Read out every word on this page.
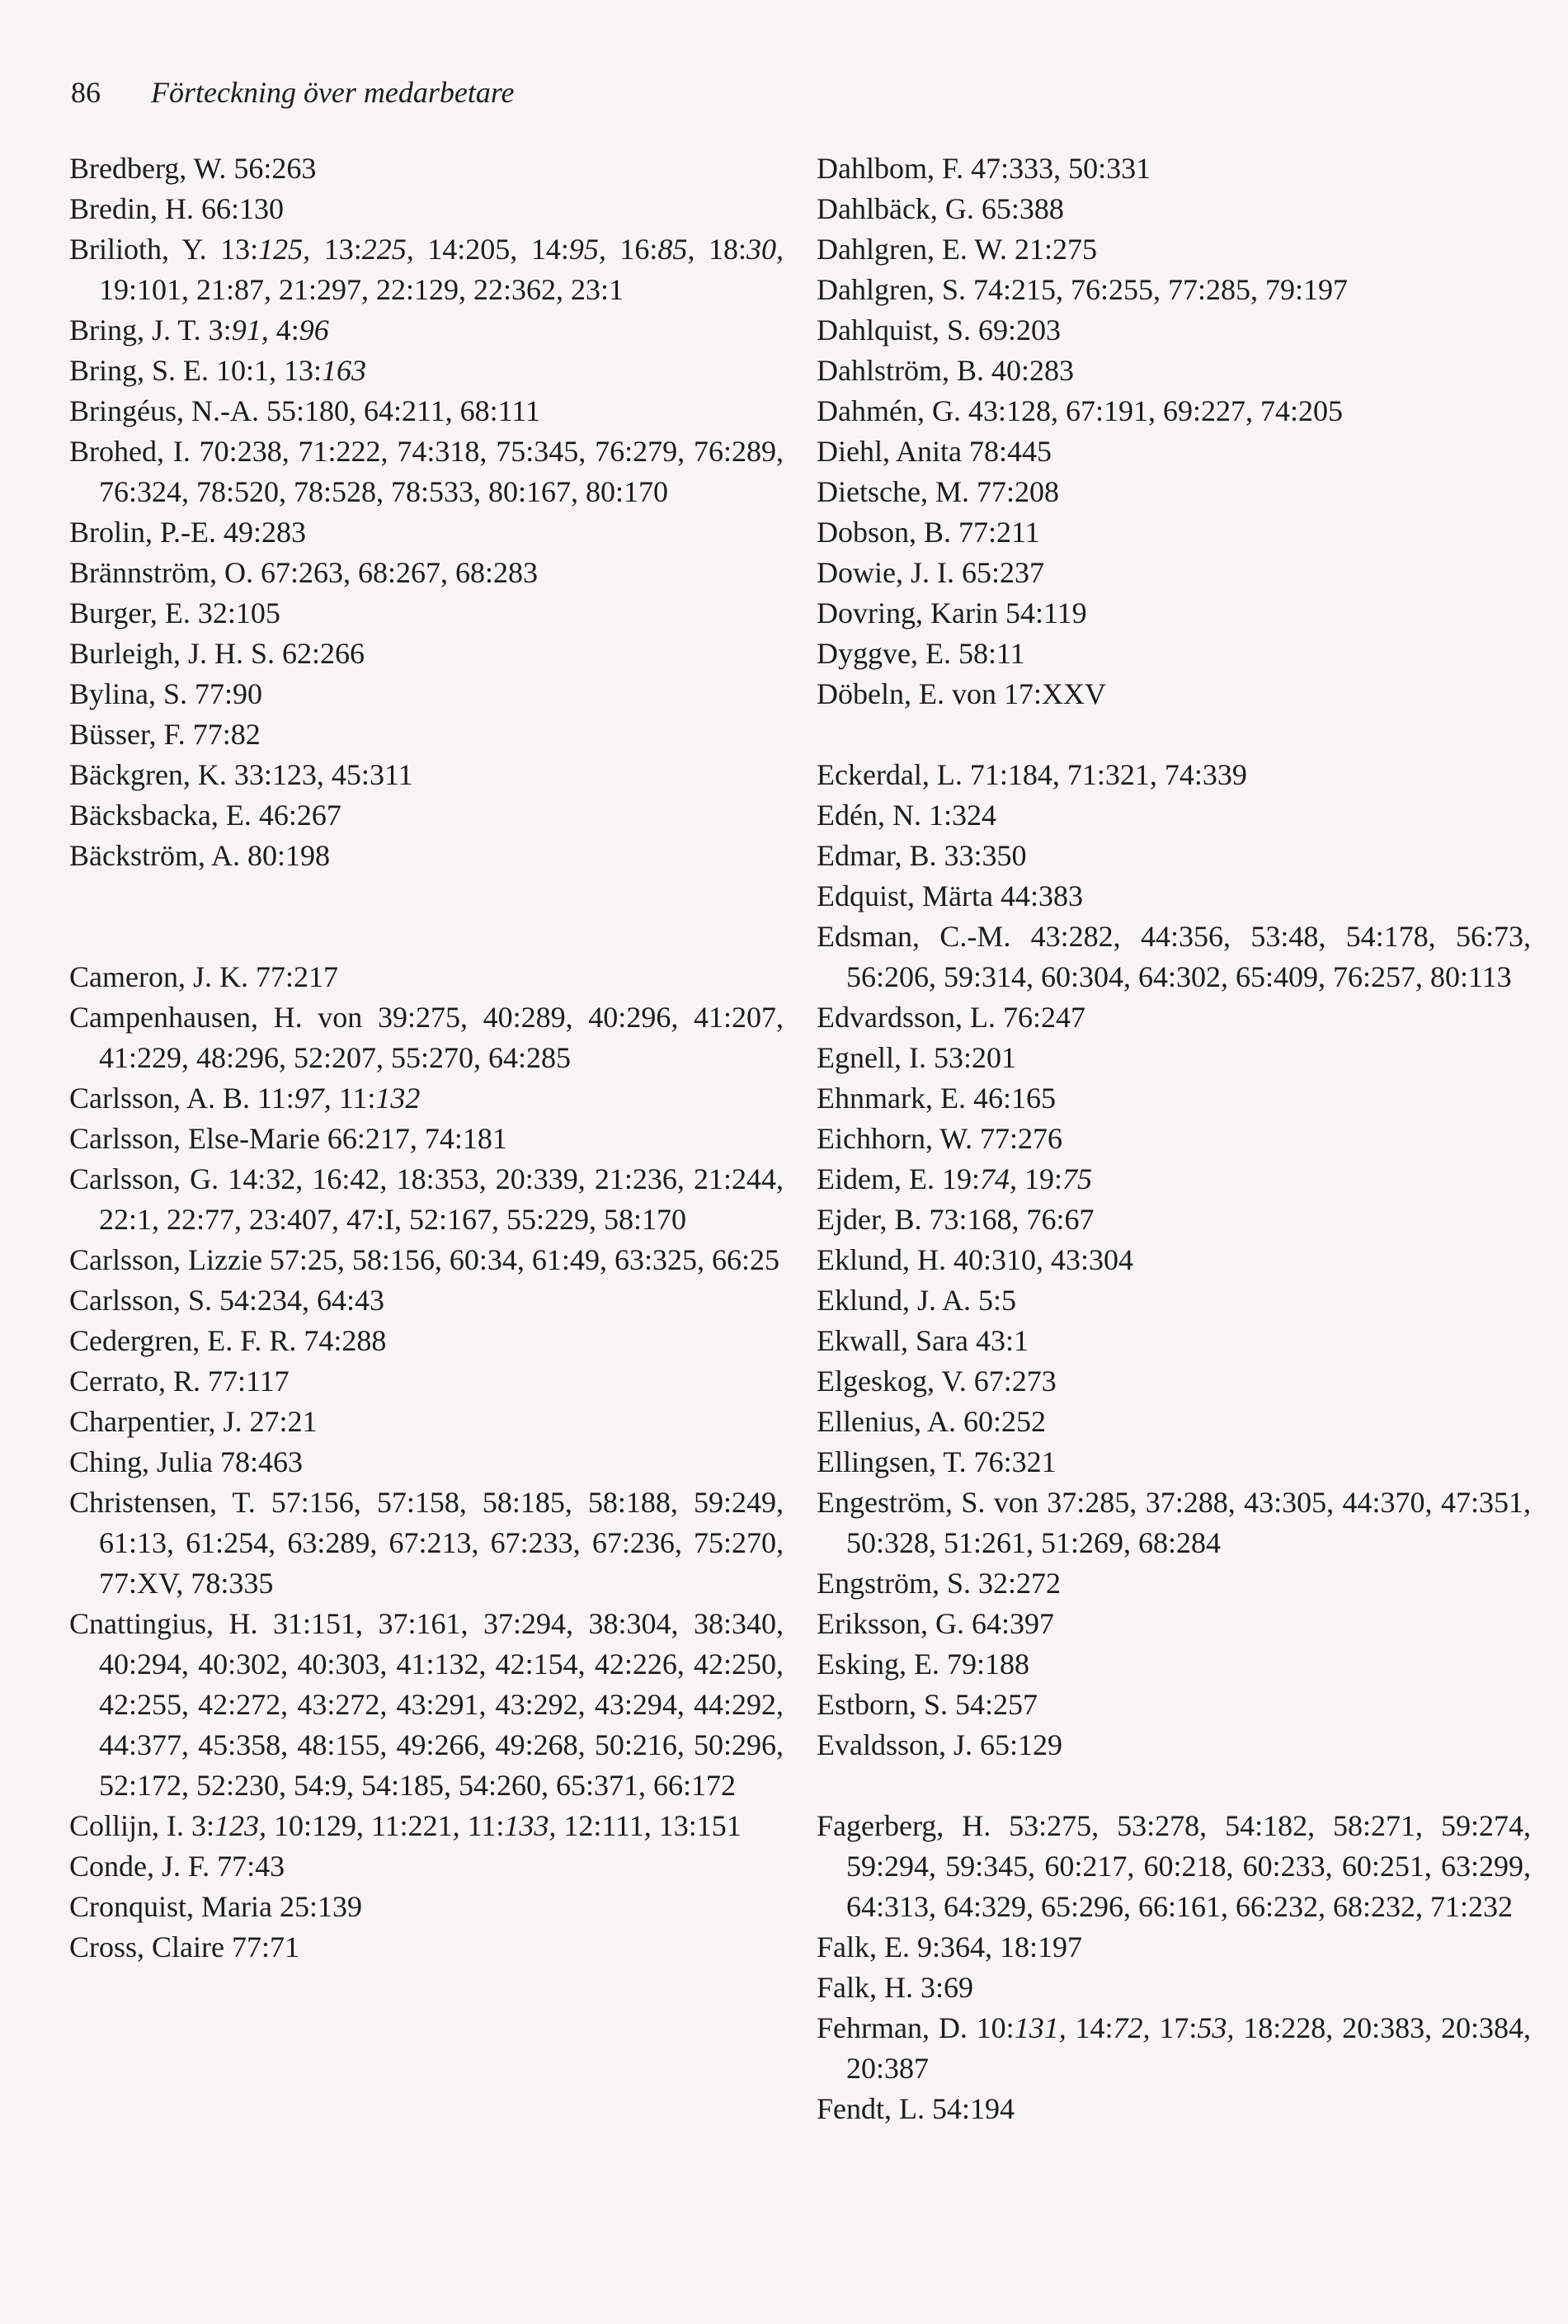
86 Förteckning över medarbetare
Bredberg, W. 56:263
Bredin, H. 66:130
Brilioth, Y. 13:125, 13:225, 14:205, 14:95, 16:85, 18:30, 19:101, 21:87, 21:297, 22:129, 22:362, 23:1
Bring, J. T. 3:91, 4:96
Bring, S. E. 10:1, 13:163
Bringéus, N.-A. 55:180, 64:211, 68:111
Brohed, I. 70:238, 71:222, 74:318, 75:345, 76:279, 76:289, 76:324, 78:520, 78:528, 78:533, 80:167, 80:170
Brolin, P.-E. 49:283
Brännström, O. 67:263, 68:267, 68:283
Burger, E. 32:105
Burleigh, J. H. S. 62:266
Bylina, S. 77:90
Büsser, F. 77:82
Bäckgren, K. 33:123, 45:311
Bäcksbacka, E. 46:267
Bäckström, A. 80:198
Cameron, J. K. 77:217
Campenhausen, H. von 39:275, 40:289, 40:296, 41:207, 41:229, 48:296, 52:207, 55:270, 64:285
Carlsson, A. B. 11:97, 11:132
Carlsson, Else-Marie 66:217, 74:181
Carlsson, G. 14:32, 16:42, 18:353, 20:339, 21:236, 21:244, 22:1, 22:77, 23:407, 47:I, 52:167, 55:229, 58:170
Carlsson, Lizzie 57:25, 58:156, 60:34, 61:49, 63:325, 66:25
Carlsson, S. 54:234, 64:43
Cedergren, E. F. R. 74:288
Cerrato, R. 77:117
Charpentier, J. 27:21
Ching, Julia 78:463
Christensen, T. 57:156, 57:158, 58:185, 58:188, 59:249, 61:13, 61:254, 63:289, 67:213, 67:233, 67:236, 75:270, 77:XV, 78:335
Cnattingius, H. 31:151, 37:161, 37:294, 38:304, 38:340, 40:294, 40:302, 40:303, 41:132, 42:154, 42:226, 42:250, 42:255, 42:272, 43:272, 43:291, 43:292, 43:294, 44:292, 44:377, 45:358, 48:155, 49:266, 49:268, 50:216, 50:296, 52:172, 52:230, 54:9, 54:185, 54:260, 65:371, 66:172
Collijn, I. 3:123, 10:129, 11:221, 11:133, 12:111, 13:151
Conde, J. F. 77:43
Cronquist, Maria 25:139
Cross, Claire 77:71
Dahlbom, F. 47:333, 50:331
Dahlbäck, G. 65:388
Dahlgren, E. W. 21:275
Dahlgren, S. 74:215, 76:255, 77:285, 79:197
Dahlquist, S. 69:203
Dahlström, B. 40:283
Dahmén, G. 43:128, 67:191, 69:227, 74:205
Diehl, Anita 78:445
Dietsche, M. 77:208
Dobson, B. 77:211
Dowie, J. I. 65:237
Dovring, Karin 54:119
Dyggve, E. 58:11
Döbeln, E. von 17:XXV
Eckerdal, L. 71:184, 71:321, 74:339
Edén, N. 1:324
Edmar, B. 33:350
Edquist, Märta 44:383
Edsman, C.-M. 43:282, 44:356, 53:48, 54:178, 56:73, 56:206, 59:314, 60:304, 64:302, 65:409, 76:257, 80:113
Edvardsson, L. 76:247
Egnell, I. 53:201
Ehnmark, E. 46:165
Eichhorn, W. 77:276
Eidem, E. 19:74, 19:75
Ejder, B. 73:168, 76:67
Eklund, H. 40:310, 43:304
Eklund, J. A. 5:5
Ekwall, Sara 43:1
Elgeskog, V. 67:273
Ellenius, A. 60:252
Ellingsen, T. 76:321
Engeström, S. von 37:285, 37:288, 43:305, 44:370, 47:351, 50:328, 51:261, 51:269, 68:284
Engström, S. 32:272
Eriksson, G. 64:397
Esking, E. 79:188
Estborn, S. 54:257
Evaldsson, J. 65:129
Fagerberg, H. 53:275, 53:278, 54:182, 58:271, 59:274, 59:294, 59:345, 60:217, 60:218, 60:233, 60:251, 63:299, 64:313, 64:329, 65:296, 66:161, 66:232, 68:232, 71:232
Falk, E. 9:364, 18:197
Falk, H. 3:69
Fehrman, D. 10:131, 14:72, 17:53, 18:228, 20:383, 20:384, 20:387
Fendt, L. 54:194
